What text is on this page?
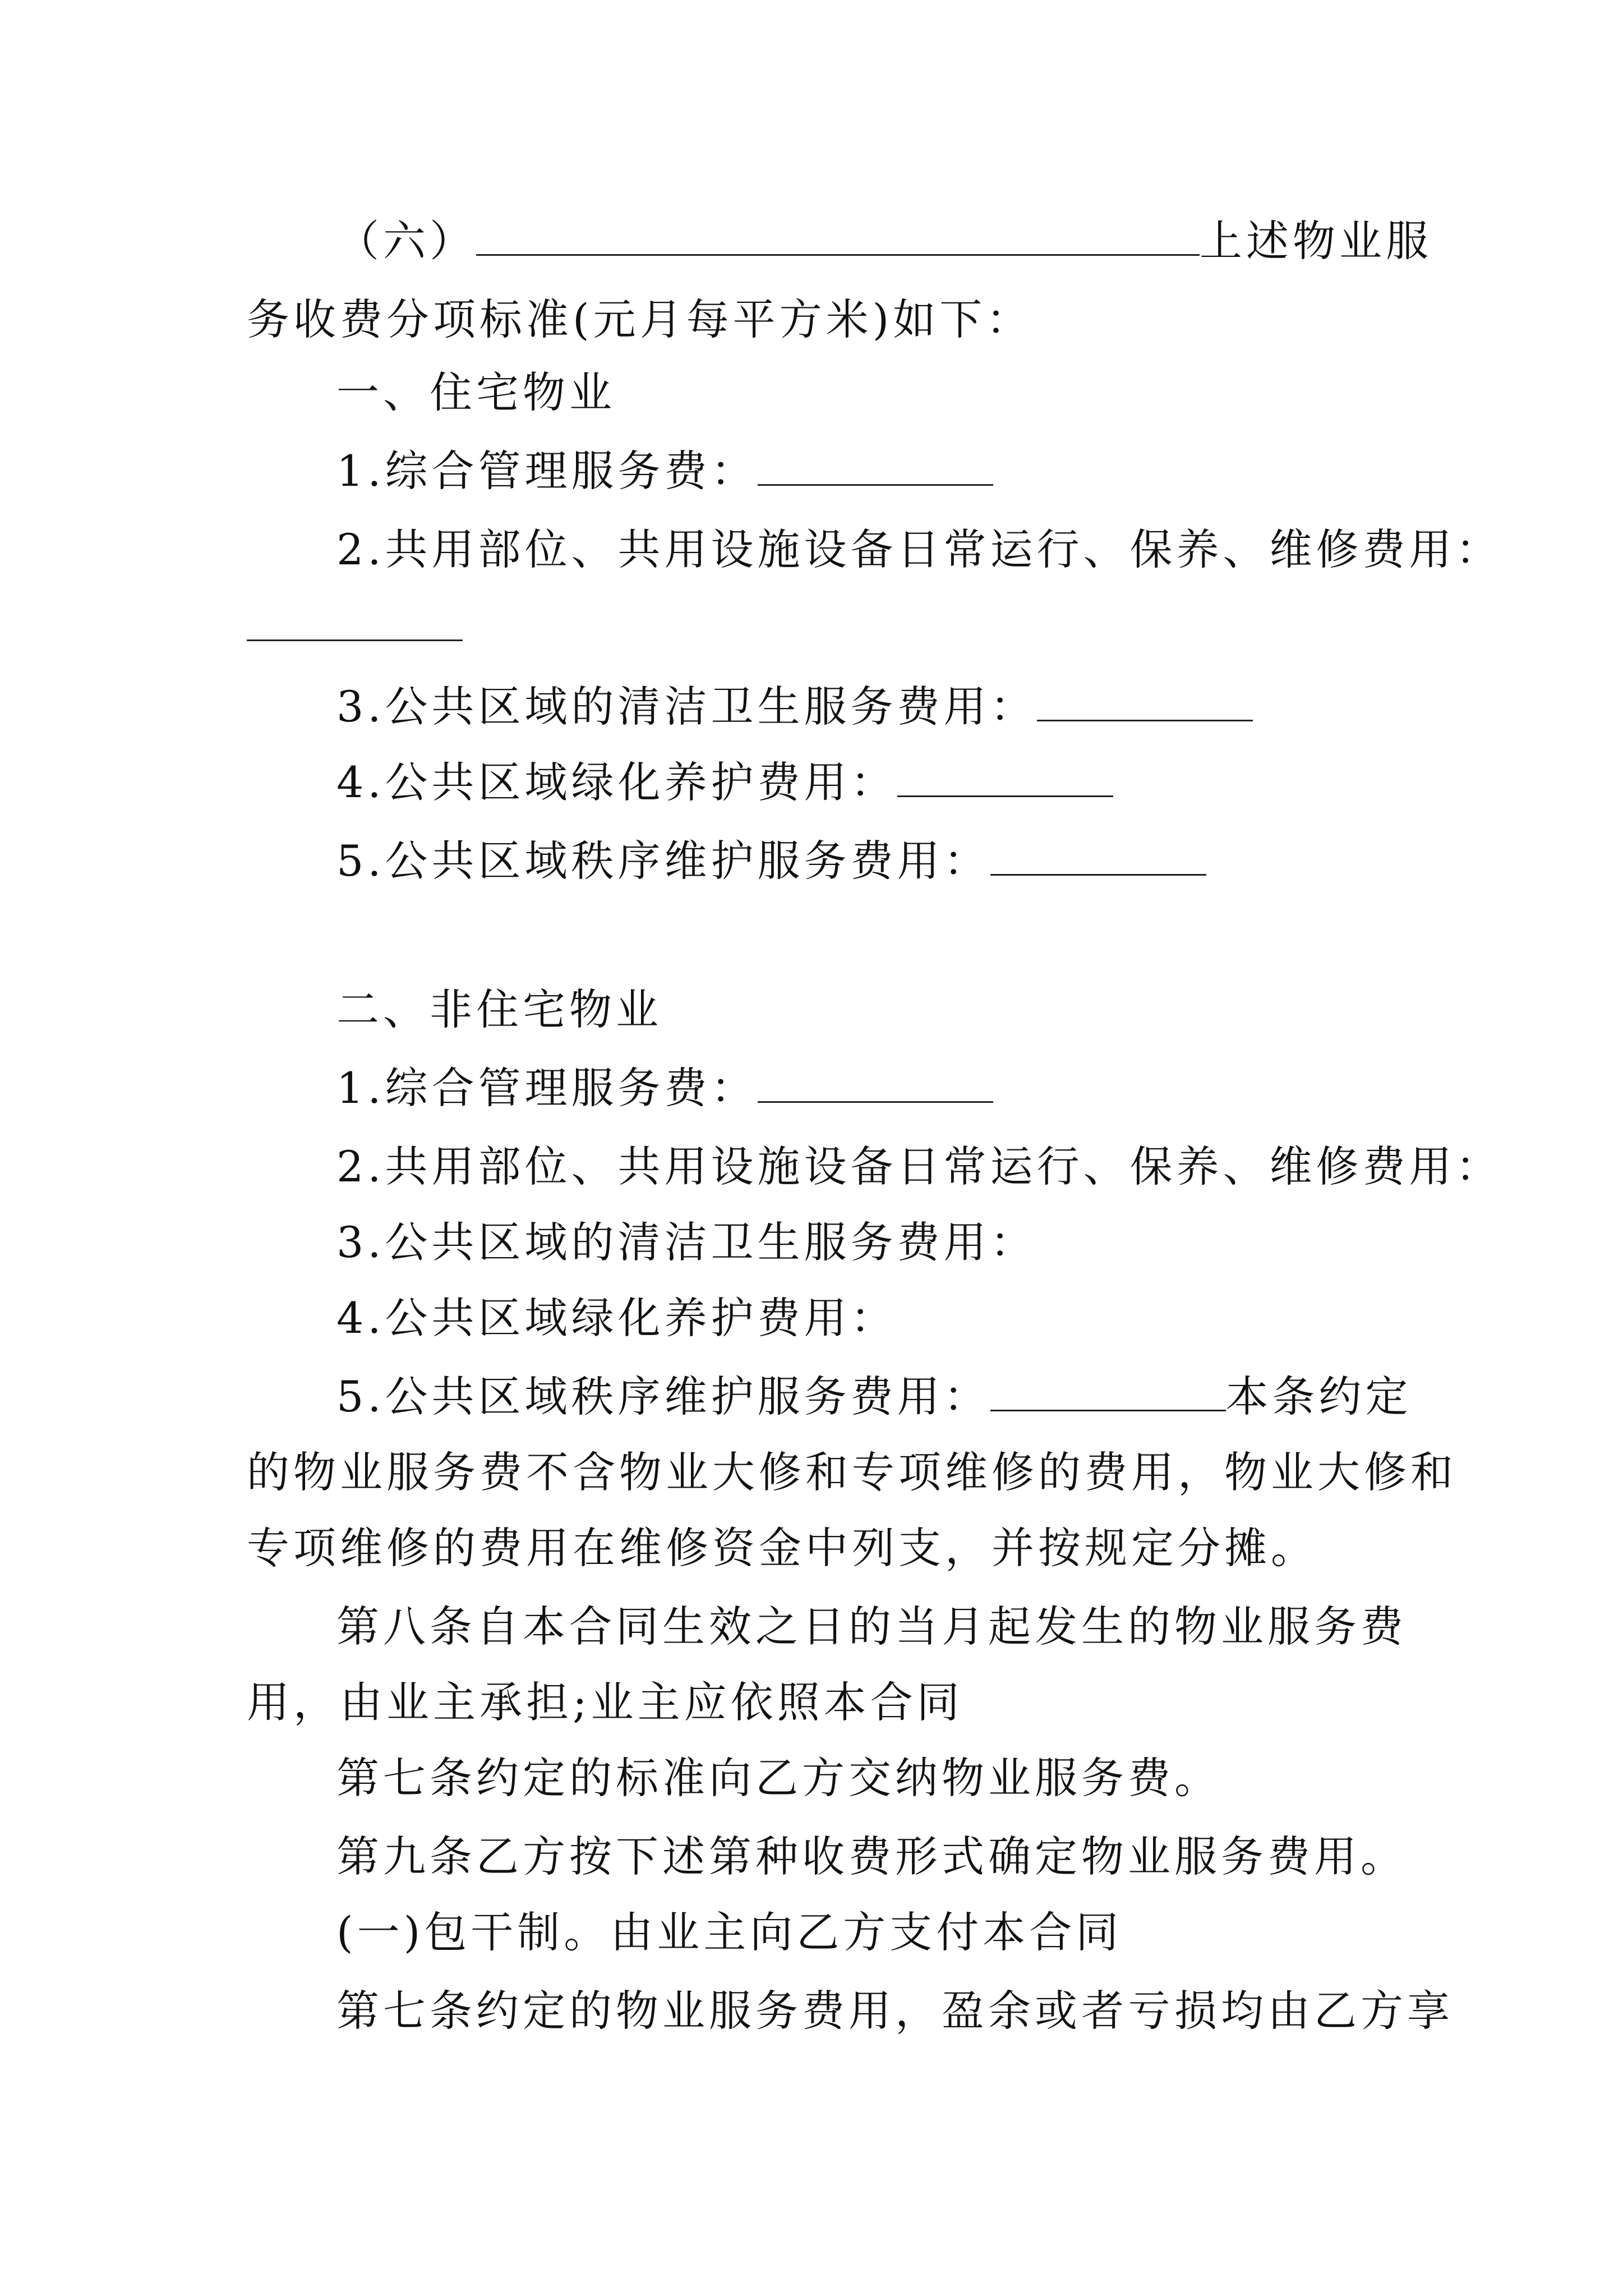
（六）	上述物业服
务收费分项标准(元月每平方米)如下：
一、住宅物业
1.综合管理服务费：
2.共用部位、共用设施设备日常运行、保养、维修费用：
3.公共区域的清洁卫生服务费用：
4.公共区域绿化养护费用：
5.公共区域秩序维护服务费用：
二、非住宅物业
1.综合管理服务费：
2.共用部位、共用设施设备日常运行、保养、维修费用：
3.公共区域的清洁卫生服务费用：
4.公共区域绿化养护费用：
5.公共区域秩序维护服务费用：	本条约定
的物业服务费不含物业大修和专项维修的费用，物业大修和
专项维修的费用在维修资金中列支，并按规定分摊。
第八条自本合同生效之日的当月起发生的物业服务费
用，由业主承担;业主应依照本合同
第七条约定的标准向乙方交纳物业服务费。
第九条乙方按下述第种收费形式确定物业服务费用。
(一)包干制。由业主向乙方支付本合同
第七条约定的物业服务费用，盈余或者亏损均由乙方享
